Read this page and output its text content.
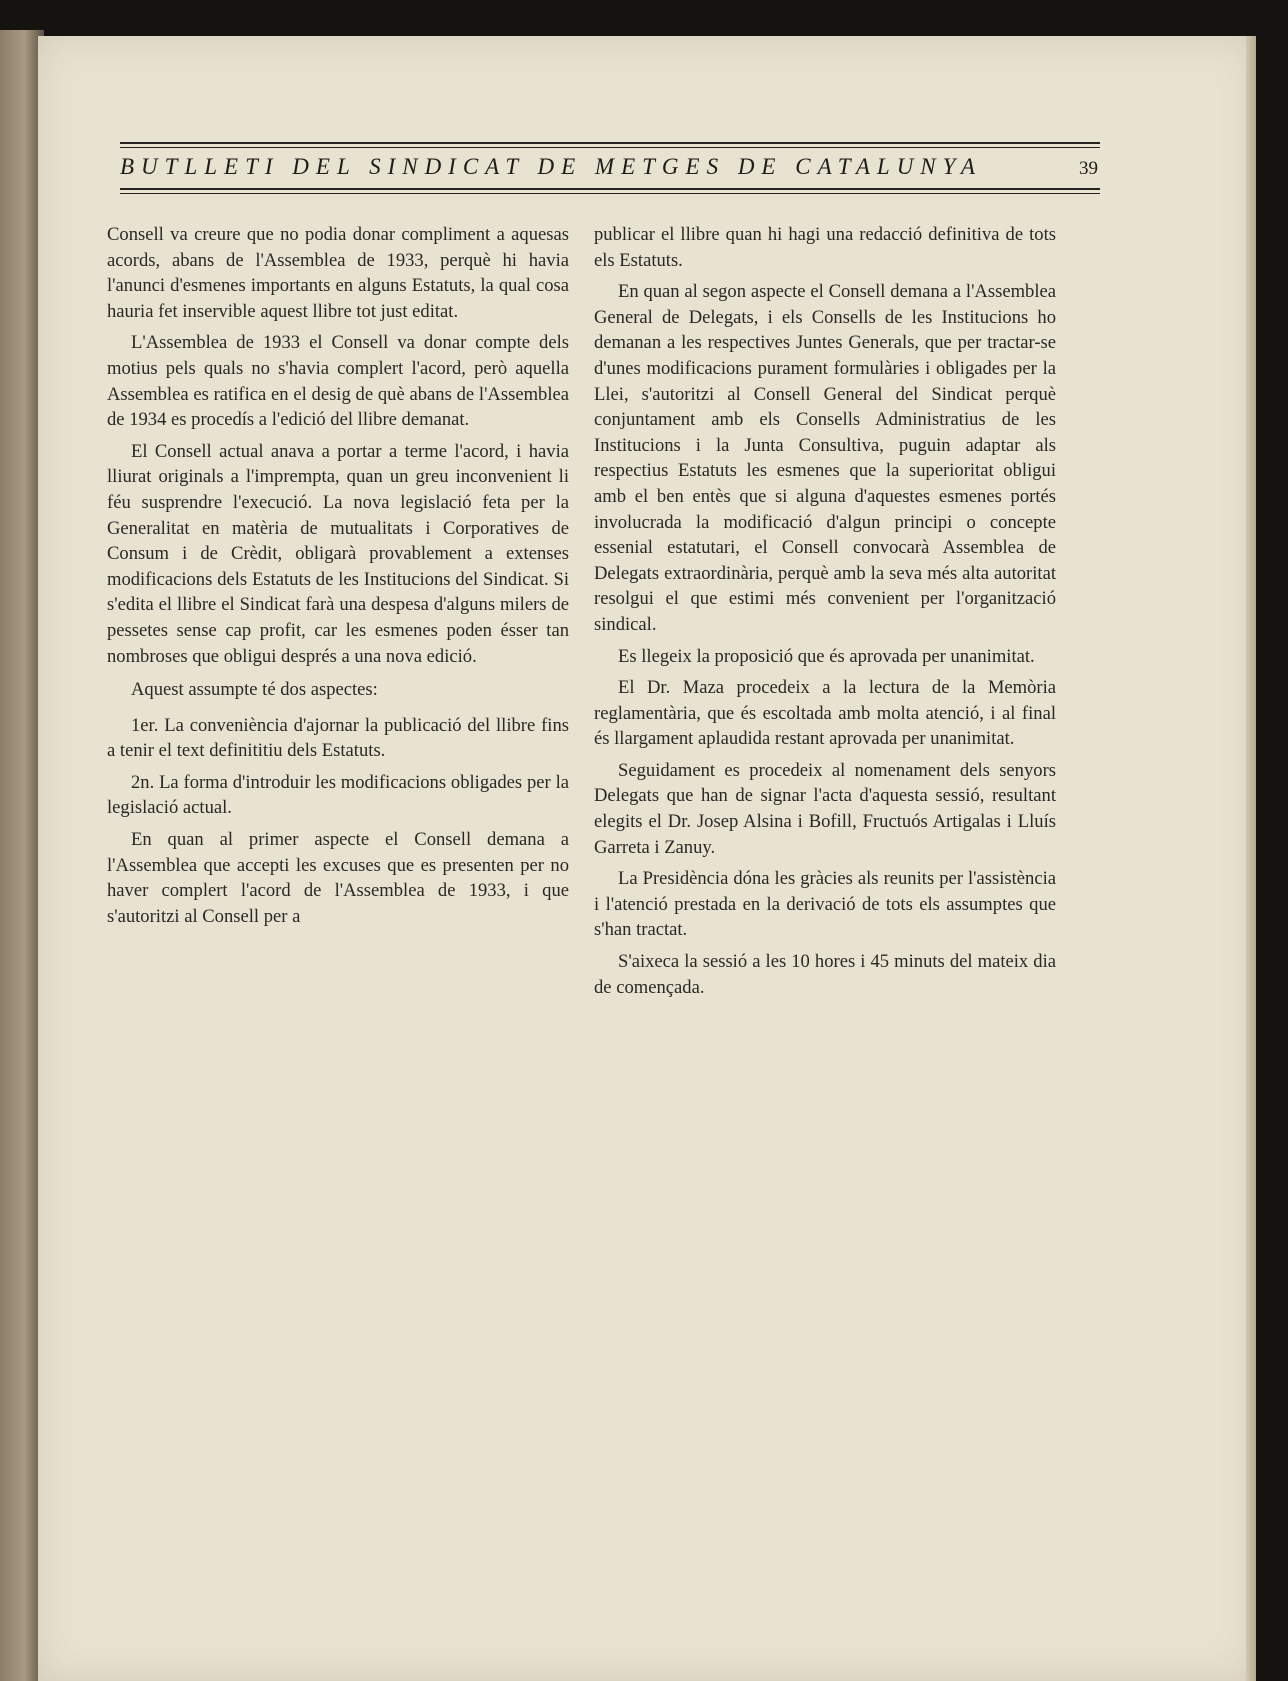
BUTLLETI DEL SINDICAT DE METGES DE CATALUNYA	39

Consell va creure que no podia donar compliment a aquesas acords, abans de l'Assemblea de 1933, perquè hi havia l'anunci d'esmenes importants en alguns Estatuts, la qual cosa hauria fet inservible aquest llibre tot just editat.

L'Assemblea de 1933 el Consell va donar compte dels motius pels quals no s'havia complert l'acord, però aquella Assemblea es ratifica en el desig de què abans de l'Assemblea de 1934 es procedís a l'edició del llibre demanat.

El Consell actual anava a portar a terme l'acord, i havia lliurat originals a l'imprempta, quan un greu inconvenient li féu susprendre l'execució. La nova legislació feta per la Generalitat en matèria de mutualitats i Corporatives de Consum i de Crèdit, obligarà provablement a extenses modificacions dels Estatuts de les Institucions del Sindicat. Si s'edita el llibre el Sindicat farà una despesa d'alguns milers de pessetes sense cap profit, car les esmenes poden ésser tan nombroses que obligui després a una nova edició.

Aquest assumpte té dos aspectes:

1er. La conveniència d'ajornar la publicació del llibre fins a tenir el text definititiu dels Estatuts.

2n. La forma d'introduir les modificacions obligades per la legislació actual.

En quan al primer aspecte el Consell demana a l'Assemblea que accepti les excuses que es presenten per no haver complert l'acord de l'Assemblea de 1933, i que s'autoritzi al Consell per a

publicar el llibre quan hi hagi una redacció definitiva de tots els Estatuts.

En quan al segon aspecte el Consell demana a l'Assemblea General de Delegats, i els Consells de les Institucions ho demanan a les respectives Juntes Generals, que per tractar-se d'unes modificacions purament formulàries i obligades per la Llei, s'autoritzi al Consell General del Sindicat perquè conjuntament amb els Consells Administratius de les Institucions i la Junta Consultiva, puguin adaptar als respectius Estatuts les esmenes que la superioritat obligui amb el ben entès que si alguna d'aquestes esmenes portés involucrada la modificació d'algun principi o concepte essenial estatutari, el Consell convocarà Assemblea de Delegats extraordinària, perquè amb la seva més alta autoritat resolgui el que estimi més convenient per l'organització sindical.

Es llegeix la proposició que és aprovada per unanimitat.

El Dr. Maza procedeix a la lectura de la Memòria reglamentària, que és escoltada amb molta atenció, i al final és llargament aplaudida restant aprovada per unanimitat.

Seguidament es procedeix al nomenament dels senyors Delegats que han de signar l'acta d'aquesta sessió, resultant elegits el Dr. Josep Alsina i Bofill, Fructuós Artigalas i Lluís Garreta i Zanuy.

La Presidència dóna les gràcies als reunits per l'assistència i l'atenció prestada en la derivació de tots els assumptes que s'han tractat.

S'aixeca la sessió a les 10 hores i 45 minuts del mateix dia de començada.
